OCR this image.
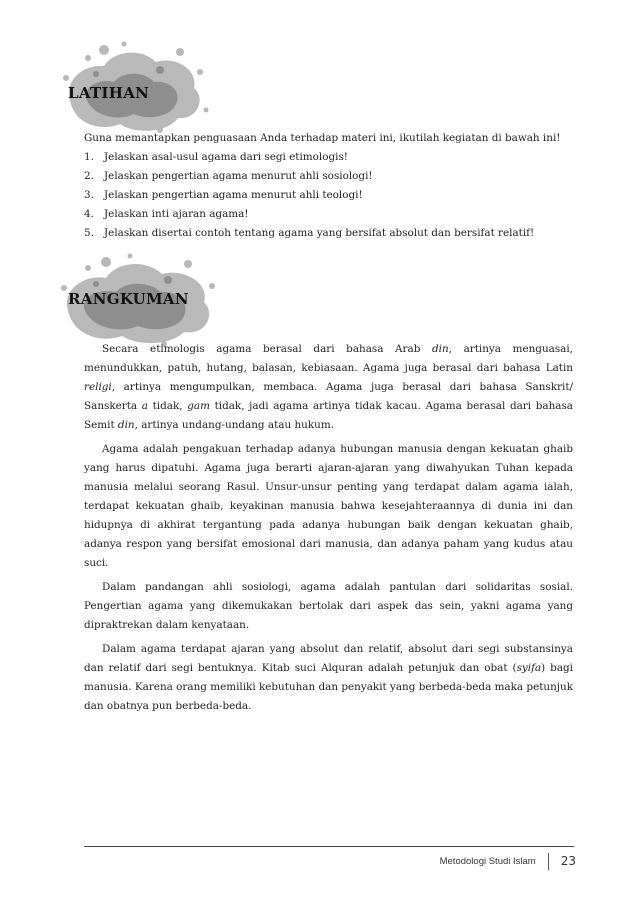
LATIHAN
Guna memantapkan penguasaan Anda terhadap materi ini, ikutilah kegiatan di bawah ini!
1. Jelaskan asal-usul agama dari segi etimologis!
2. Jelaskan pengertian agama menurut ahli sosiologi!
3. Jelaskan pengertian agama menurut ahli teologi!
4. Jelaskan inti ajaran agama!
5. Jelaskan disertai contoh tentang agama yang bersifat absolut dan bersifat relatif!
RANGKUMAN

Secara etimologis agama berasal dari bahasa Arab din, artinya menguasai, menundukkan, patuh, hutang, balasan, kebiasaan. Agama juga berasal dari bahasa Latin religi, artinya mengumpulkan, membaca. Agama juga berasal dari bahasa Sanskrit/ Sanskerta a tidak, gam tidak, jadi agama artinya tidak kacau. Agama berasal dari bahasa Semit din, artinya undang-undang atau hukum.

Agama adalah pengakuan terhadap adanya hubungan manusia dengan kekuatan ghaib yang harus dipatuhi. Agama juga berarti ajaran-ajaran yang diwahyukan Tuhan kepada manusia melalui seorang Rasul. Unsur-unsur penting yang terdapat dalam agama ialah, terdapat kekuatan ghaib, keyakinan manusia bahwa kesejahteraannya di dunia ini dan hidupnya di akhirat tergantung pada adanya hubungan baik dengan kekuatan ghaib, adanya respon yang bersifat emosional dari manusia, dan adanya paham yang kudus atau suci.

Dalam pandangan ahli sosiologi, agama adalah pantulan dari solidaritas sosial. Pengertian agama yang dikemukakan bertolak dari aspek das sein, yakni agama yang dipraktrekan dalam kenyataan.

Dalam agama terdapat ajaran yang absolut dan relatif, absolut dari segi substansinya dan relatif dari segi bentuknya. Kitab suci Alquran adalah petunjuk dan obat (syifa) bagi manusia. Karena orang memiliki kebutuhan dan penyakit yang berbeda-beda maka petunjuk dan obatnya pun berbeda-beda.

Metodologi Studi Islam 23
